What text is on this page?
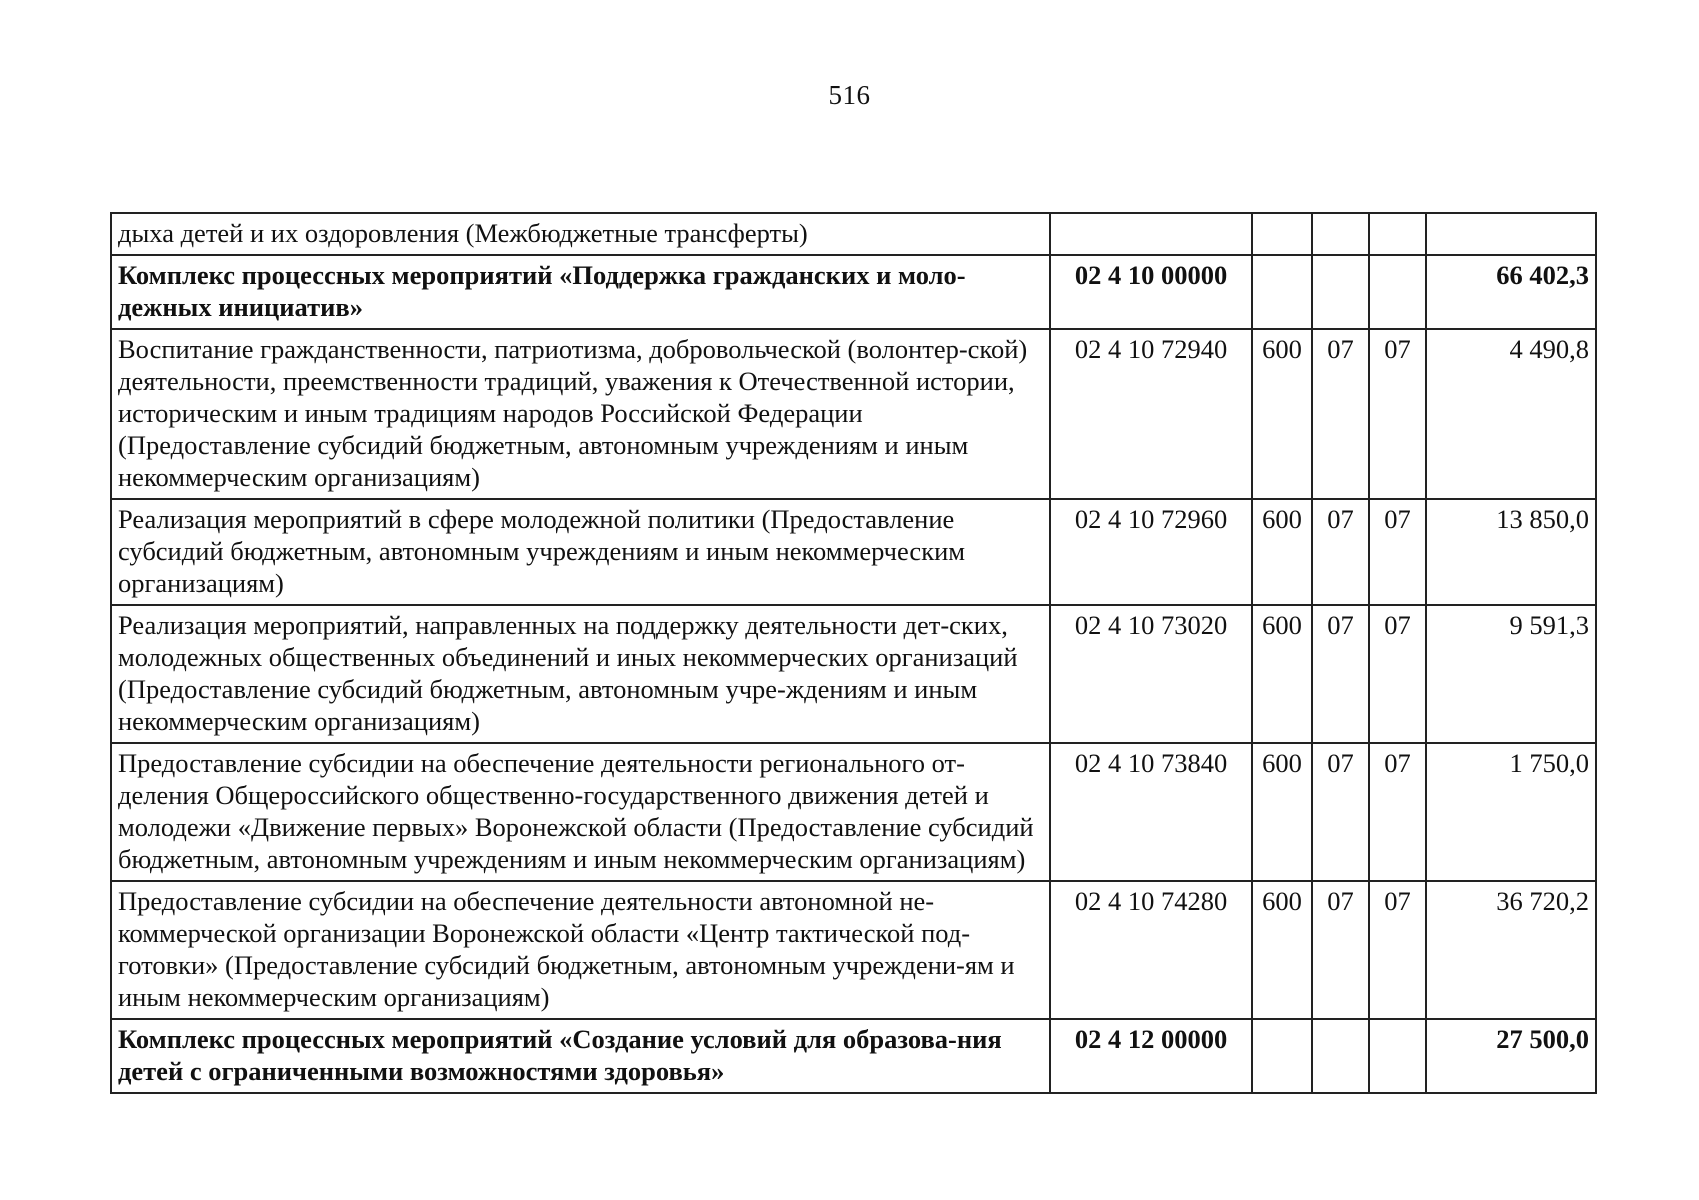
516
дыха детей и их оздоровления (Межбюджетные трансферты)					
Комплекс процессных мероприятий «Поддержка гражданских и моло-дежных инициатив»	02 4 10 00000				66 402,3
Воспитание гражданственности, патриотизма, добровольческой (волонтер-ской) деятельности, преемственности традиций, уважения к Отечественной истории, историческим и иным традициям народов Российской Федерации (Предоставление субсидий бюджетным, автономным учреждениям и иным некоммерческим организациям)	02 4 10 72940	600	07	07	4 490,8
Реализация мероприятий в сфере молодежной политики (Предоставление субсидий бюджетным, автономным учреждениям и иным некоммерческим организациям)	02 4 10 72960	600	07	07	13 850,0
Реализация мероприятий, направленных на поддержку деятельности дет-ских, молодежных общественных объединений и иных некоммерческих организаций (Предоставление субсидий бюджетным, автономным учре-ждениям и иным некоммерческим организациям)	02 4 10 73020	600	07	07	9 591,3
Предоставление субсидии на обеспечение деятельности регионального от-деления Общероссийского общественно-государственного движения детей и молодежи «Движение первых» Воронежской области (Предоставление субсидий бюджетным, автономным учреждениям и иным некоммерческим организациям)	02 4 10 73840	600	07	07	1 750,0
Предоставление субсидии на обеспечение деятельности автономной не-коммерческой организации Воронежской области «Центр тактической под-готовки» (Предоставление субсидий бюджетным, автономным учреждени-ям и иным некоммерческим организациям)	02 4 10 74280	600	07	07	36 720,2
Комплекс процессных мероприятий «Создание условий для образова-ния детей с ограниченными возможностями здоровья»	02 4 12 00000				27 500,0
